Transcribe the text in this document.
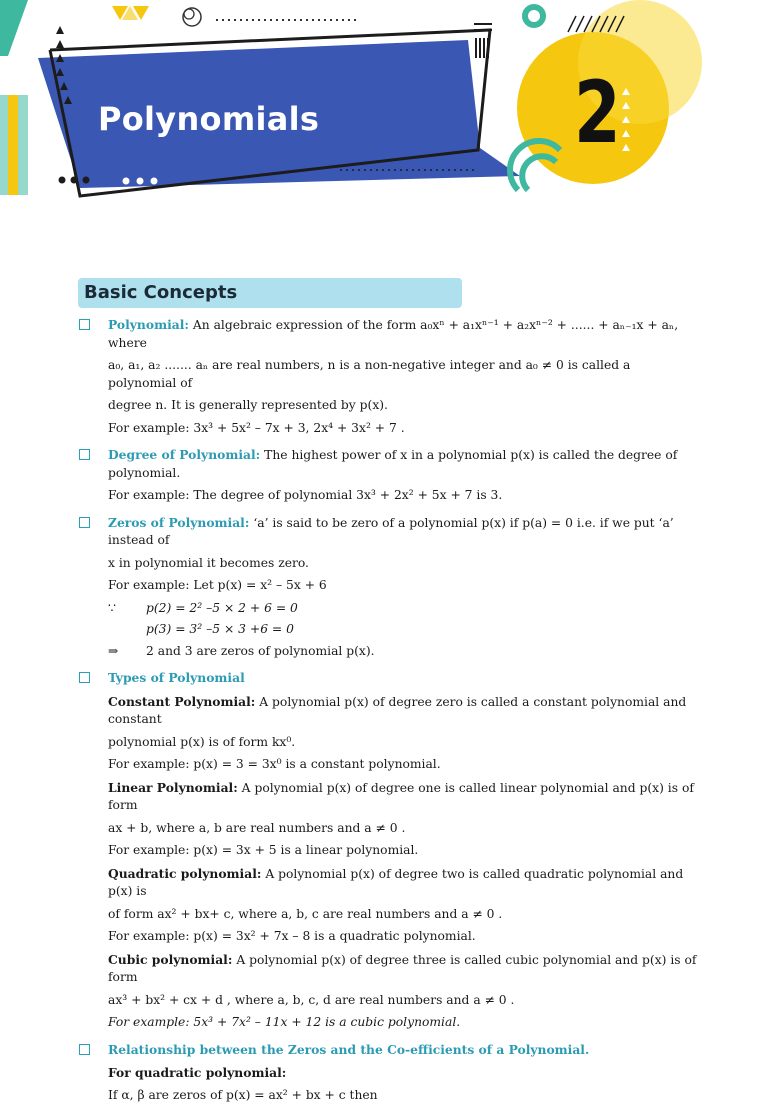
Polynomials	2
Basic Concepts

Polynomial: An algebraic expression of the form a₀xⁿ + a₁xⁿ⁻¹ + a₂xⁿ⁻² + ...... + aₙ₋₁x + aₙ, where

a₀, a₁, a₂ ....... aₙ are real numbers, n is a non-negative integer and a₀ ≠ 0 is called a polynomial of

degree n. It is generally represented by p(x).

For example: 3x³ + 5x² – 7x + 3, 2x⁴ + 3x² + 7 .

Degree of Polynomial: The highest power of x in a polynomial p(x) is called the degree of polynomial.

For example: The degree of polynomial 3x³ + 2x² + 5x + 7 is 3.

Zeros of Polynomial: ‘a’ is said to be zero of a polynomial p(x) if p(a) = 0 i.e. if we put ‘a’ instead of

x in polynomial it becomes zero.

For example: Let p(x) = x² – 5x + 6

∵ p(2) = 2² –5 × 2 + 6 = 0

p(3) = 3² –5 × 3 +6 = 0

⇒ 2 and 3 are zeros of polynomial p(x).

Types of Polynomial

Constant Polynomial: A polynomial p(x) of degree zero is called a constant polynomial and constant

polynomial p(x) is of form kx⁰.

For example: p(x) = 3 = 3x⁰ is a constant polynomial.

Linear Polynomial: A polynomial p(x) of degree one is called linear polynomial and p(x) is of form

ax + b, where a, b are real numbers and a ≠ 0 .

For example: p(x) = 3x + 5 is a linear polynomial.

Quadratic polynomial: A polynomial p(x) of degree two is called quadratic polynomial and p(x) is

of form ax² + bx+ c, where a, b, c are real numbers and a ≠ 0 .

For example: p(x) = 3x² + 7x – 8 is a quadratic polynomial.

Cubic polynomial: A polynomial p(x) of degree three is called cubic polynomial and p(x) is of form

ax³ + bx² + cx + d , where a, b, c, d are real numbers and a ≠ 0 .

For example: 5x³ + 7x² – 11x + 12 is a cubic polynomial.

Relationship between the Zeros and the Co-efficients of a Polynomial.

For quadratic polynomial:

If α, β are zeros of p(x) = ax² + bx + c then
